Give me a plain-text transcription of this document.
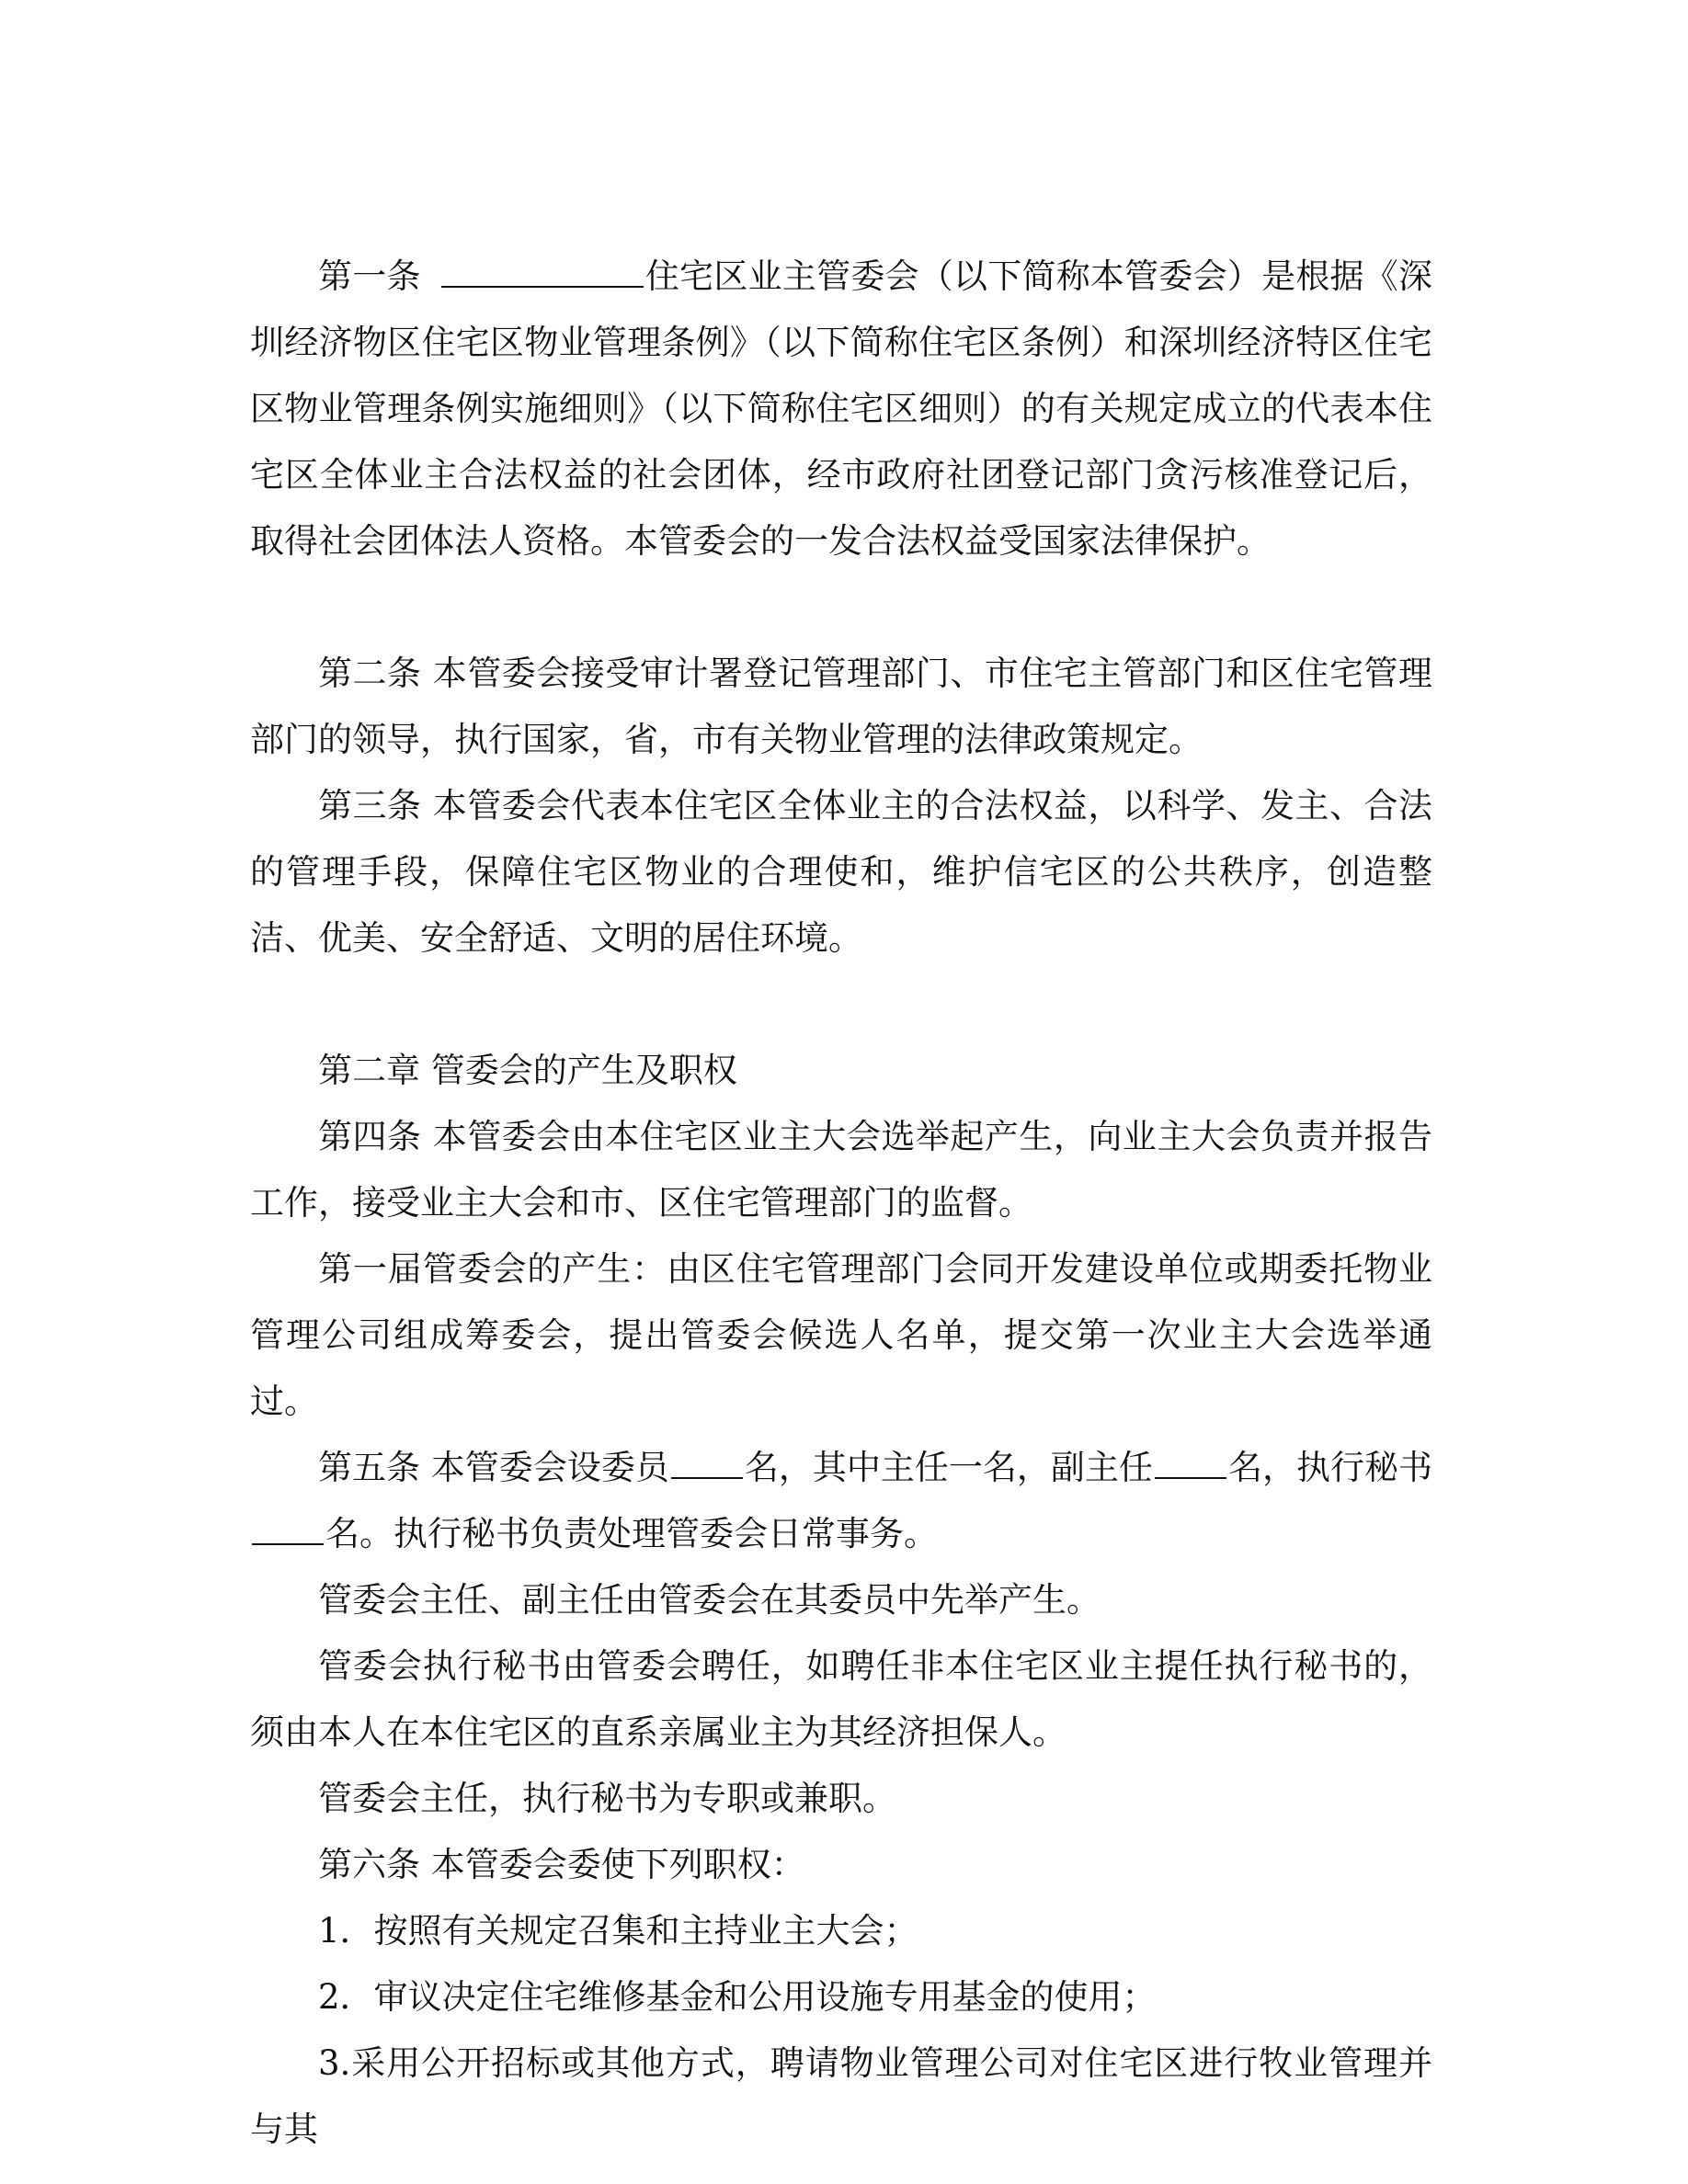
第一条	住宅区业主管委会（以下简称本管委会）是根据《深圳经济物区住宅区物业管理条例》（以下简称住宅区条例）和深圳经济特区住宅区物业管理条例实施细则》（以下简称住宅区细则）的有关规定成立的代表本住宅区全体业主合法权益的社会团体，经市政府社团登记部门贪污核准登记后，取得社会团体法人资格。本管委会的一发合法权益受国家法律保护。

第二条 本管委会接受审计署登记管理部门、市住宅主管部门和区住宅管理部门的领导，执行国家，省，市有关物业管理的法律政策规定。

第三条 本管委会代表本住宅区全体业主的合法权益，以科学、发主、合法的管理手段，保障住宅区物业的合理使和，维护信宅区的公共秩序，创造整洁、优美、安全舒适、文明的居住环境。

第二章 管委会的产生及职权

第四条 本管委会由本住宅区业主大会选举起产生，向业主大会负责并报告工作，接受业主大会和市、区住宅管理部门的监督。

第一届管委会的产生：由区住宅管理部门会同开发建设单位或期委托物业管理公司组成筹委会，提出管委会候选人名单，提交第一次业主大会选举通过。

第五条 本管委会设委员 名，其中主任一名，副主任 名，执行秘书名。执行秘书负责处理管委会日常事务。

管委会主任、副主任由管委会在其委员中先举产生。

管委会执行秘书由管委会聘任，如聘任非本住宅区业主提任执行秘书的，须由本人在本住宅区的直系亲属业主为其经济担保人。

管委会主任，执行秘书为专职或兼职。

第六条 本管委会委使下列职权：

1．按照有关规定召集和主持业主大会；

2．审议决定住宅维修基金和公用设施专用基金的使用；

3.采用公开招标或其他方式，聘请物业管理公司对住宅区进行牧业管理并与其
